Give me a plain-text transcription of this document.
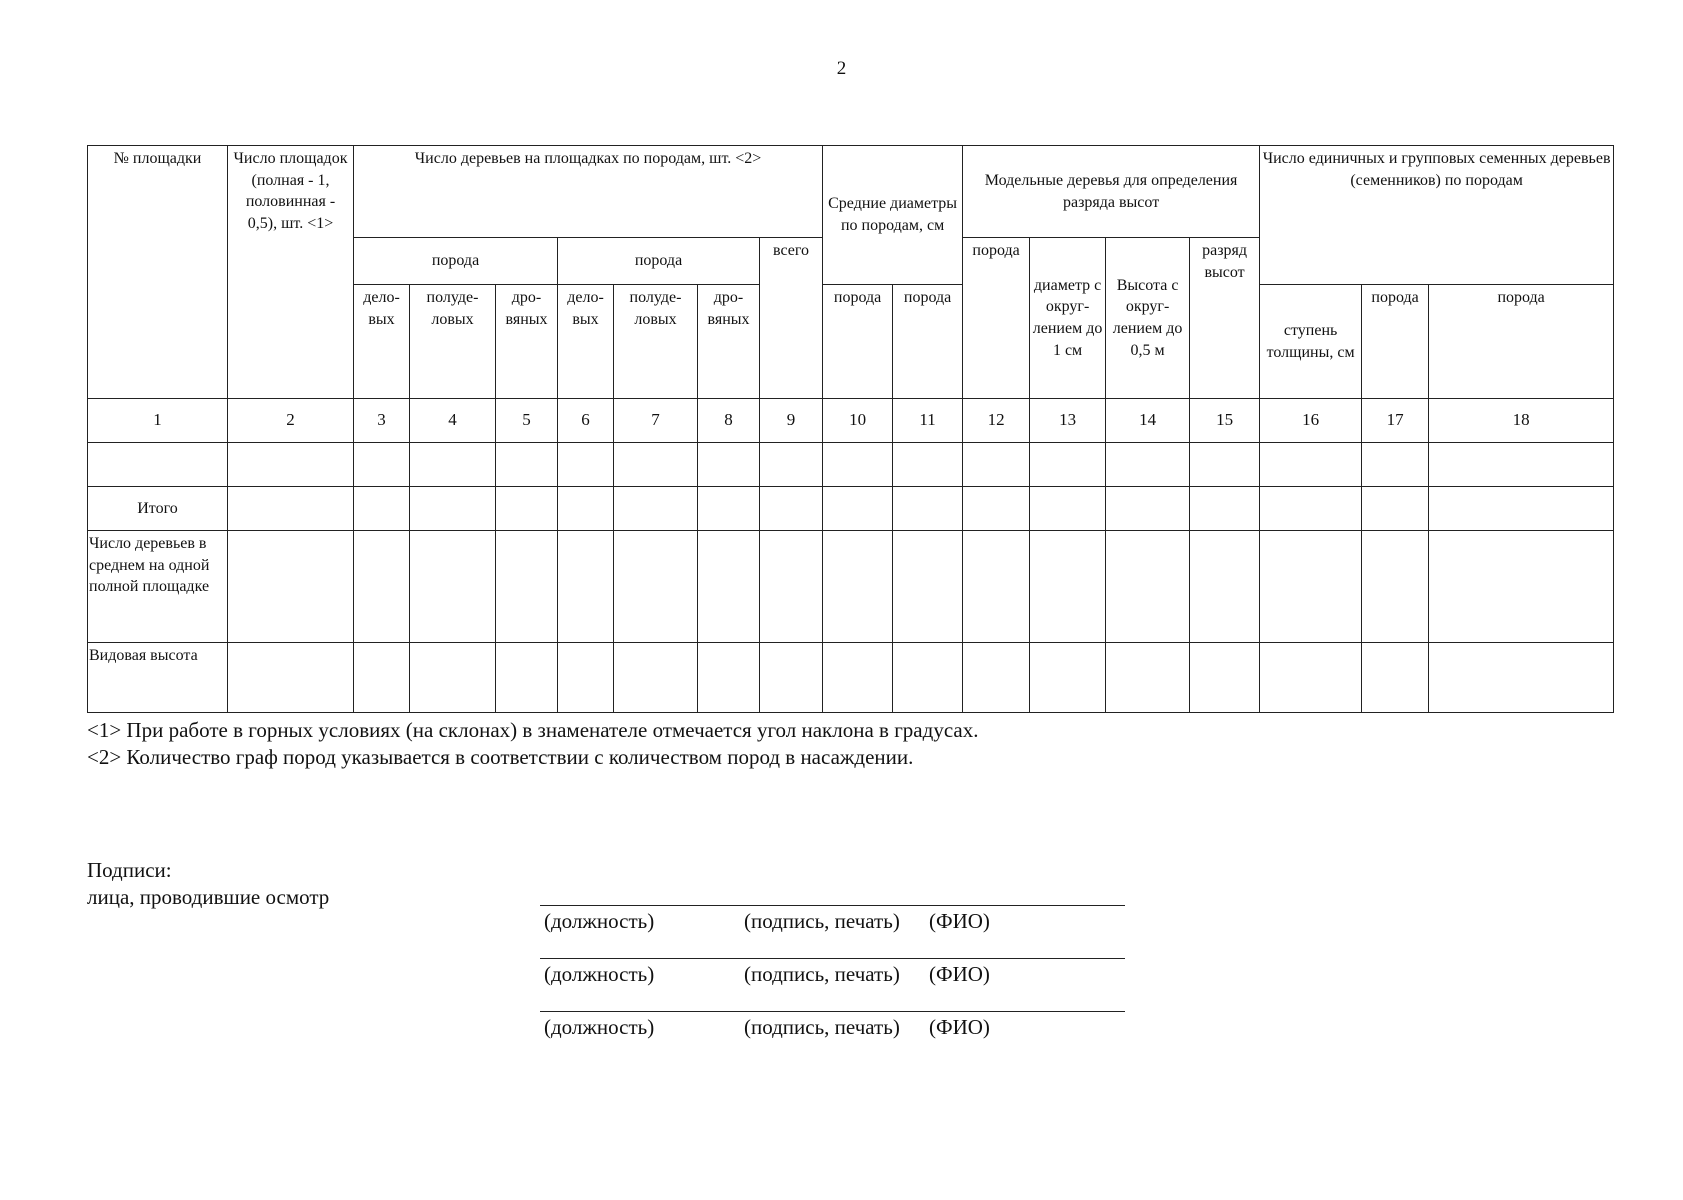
2
№ площадки	Число площадок (полная - 1, половинная - 0,5), шт. <1>	Число деревьев на площадках по породам, шт. <2>							Средние диаметры по породам, см		Модельные деревья для определения разряда высот				Число единичных и групповых семенных деревьев (семенников) по породам		
		порода			порода			всего			порода	диаметр с округ-лением до 1 см	Высота с округ-лением до 0,5 м	разряд высот			
		дело-вых	полуде-ловых	дро-вяных	дело-вых	полуде-ловых	дро-вяных		порода	порода					ступень толщины, см	порода	порода
1	2	3	4	5	6	7	8	9	10	11	12	13	14	15	16	17	18

Итого																	
Число деревьев в среднем на одной полной площадке																	
Видовая высота																	
<1> При работе в горных условиях (на склонах) в знаменателе отмечается угол наклона в градусах.
<2> Количество граф пород указывается в соответствии с количеством пород в насаждении.
Подписи:
лица, проводившие осмотр
(должность)	(подпись, печать)	(ФИО)
(должность)	(подпись, печать)	(ФИО)
(должность)	(подпись, печать)	(ФИО)
